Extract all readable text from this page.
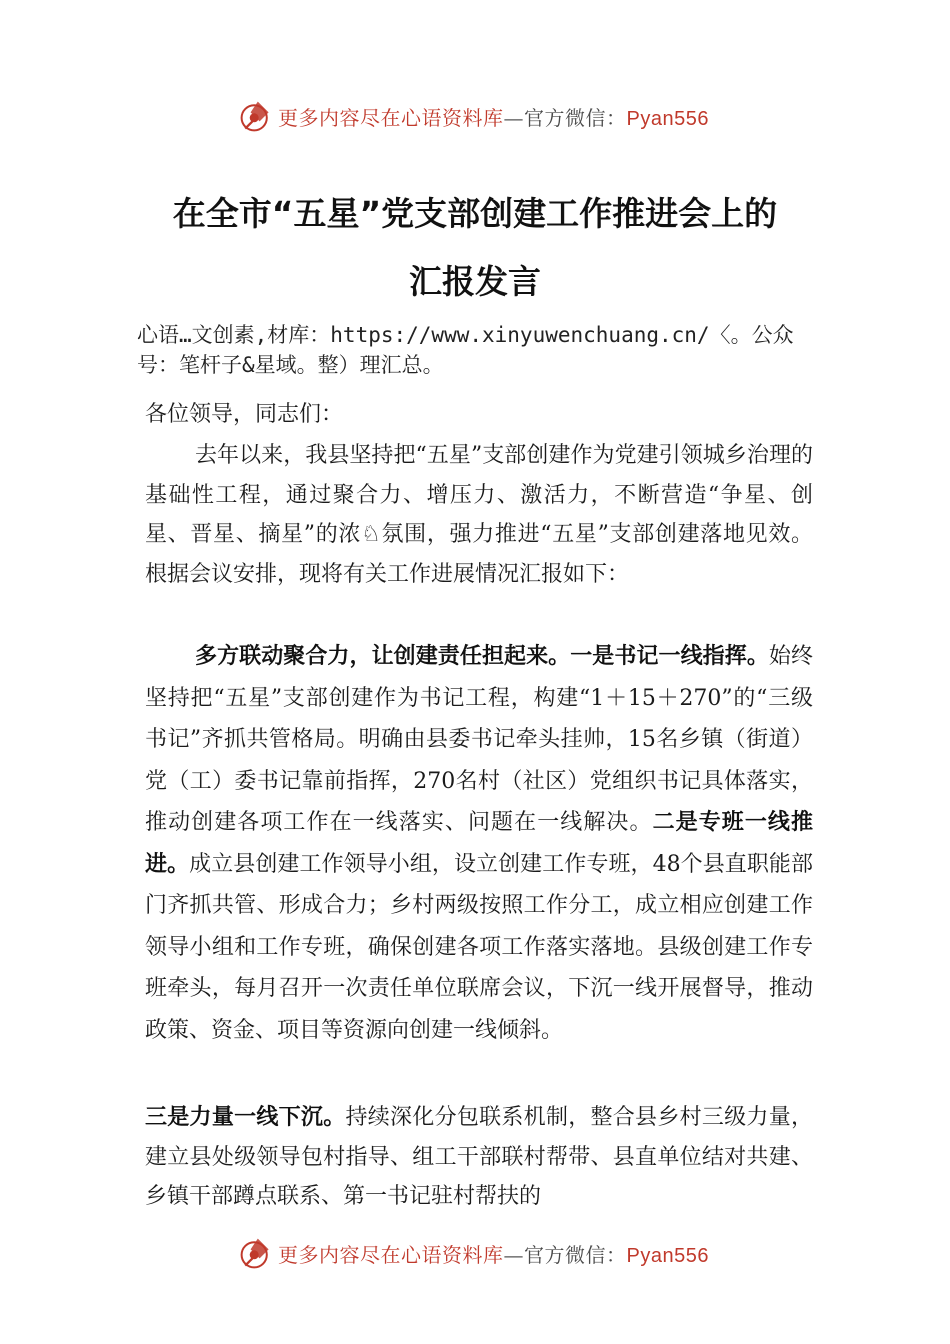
更多内容尽在心语资料库—官方微信：Pyan556
在全市“五星”党支部创建工作推进会上的
汇报发言
心语…文创素,材库：https://www.xinyuwenchuang.cn/〈。公众号：笔杆子&星域。整）理汇总。
各位领导，同志们：
去年以来，我县坚持把“五星”支部创建作为党建引领城乡治理的基础性工程，通过聚合力、增压力、激活力，不断营造“争星、创星、晋星、摘星”的浓♘氛围，强力推进“五星”支部创建落地见效。根据会议安排，现将有关工作进展情况汇报如下：
多方联动聚合力，让创建责任担起来。一是书记一线指挥。始终坚持把“五星”支部创建作为书记工程，构建“1＋15＋270”的“三级书记”齐抓共管格局。明确由县委书记牵头挂帅，15名乡镇（街道）党（工）委书记靠前指挥，270名村（社区）党组织书记具体落实，推动创建各项工作在一线落实、问题在一线解决。二是专班一线推进。成立县创建工作领导小组，设立创建工作专班，48个县直职能部门齐抓共管、形成合力；乡村两级按照工作分工，成立相应创建工作领导小组和工作专班，确保创建各项工作落实落地。县级创建工作专班牵头，每月召开一次责任单位联席会议，下沉一线开展督导，推动政策、资金、项目等资源向创建一线倾斜。
三是力量一线下沉。持续深化分包联系机制，整合县乡村三级力量，建立县处级领导包村指导、组工干部联村帮带、县直单位结对共建、乡镇干部蹲点联系、第一书记驻村帮扶的
更多内容尽在心语资料库—官方微信：Pyan556
